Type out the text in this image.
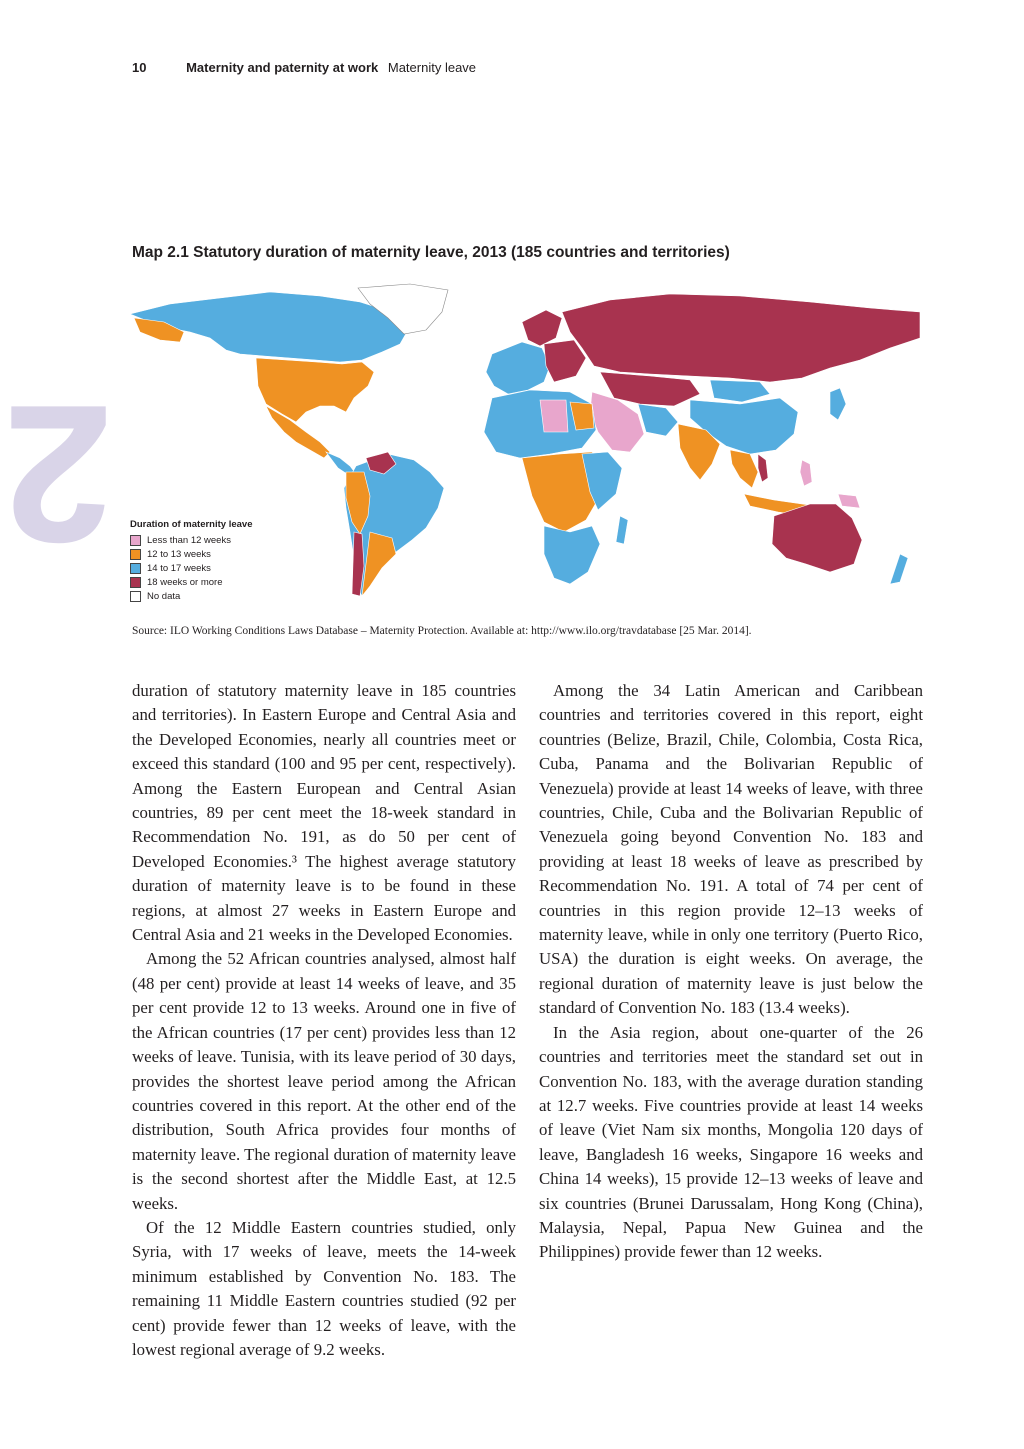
10	Maternity and paternity at work Maternity leave
2
Map 2.1 Statutory duration of maternity leave, 2013 (185 countries and territories)
Duration of maternity leave
Less than 12 weeks
12 to 13 weeks
14 to 17 weeks
18 weeks or more
No data
Source: ILO Working Conditions Laws Database – Maternity Protection. Available at: http://www.ilo.org/travdatabase [25 Mar. 2014].

duration of statutory maternity leave in 185 countries and territories). In Eastern Europe and Central Asia and the Developed Economies, nearly all countries meet or exceed this standard (100 and 95 per cent, respectively). Among the Eastern European and Central Asian countries, 89 per cent meet the 18-week standard in Recommendation No. 191, as do 50 per cent of Developed Economies.³ The highest average statutory duration of maternity leave is to be found in these regions, at almost 27 weeks in Eastern Europe and Central Asia and 21 weeks in the Developed Economies.

Among the 52 African countries analysed, almost half (48 per cent) provide at least 14 weeks of leave, and 35 per cent provide 12 to 13 weeks. Around one in five of the African countries (17 per cent) provides less than 12 weeks of leave. Tunisia, with its leave period of 30 days, provides the shortest leave period among the African countries covered in this report. At the other end of the distribution, South Africa provides four months of maternity leave. The regional duration of maternity leave is the second shortest after the Middle East, at 12.5 weeks.

Of the 12 Middle Eastern countries studied, only Syria, with 17 weeks of leave, meets the 14-week minimum established by Convention No. 183. The remaining 11 Middle Eastern countries studied (92 per cent) provide fewer than 12 weeks of leave, with the lowest regional average of 9.2 weeks.

Among the 34 Latin American and Caribbean countries and territories covered in this report, eight countries (Belize, Brazil, Chile, Colombia, Costa Rica, Cuba, Panama and the Bolivarian Republic of Venezuela) provide at least 14 weeks of leave, with three countries, Chile, Cuba and the Bolivarian Republic of Venezuela going beyond Convention No. 183 and providing at least 18 weeks of leave as prescribed by Recommendation No. 191. A total of 74 per cent of countries in this region provide 12–13 weeks of maternity leave, while in only one territory (Puerto Rico, USA) the duration is eight weeks. On average, the regional duration of maternity leave is just below the standard of Convention No. 183 (13.4 weeks).

In the Asia region, about one-quarter of the 26 countries and territories meet the standard set out in Convention No. 183, with the average duration standing at 12.7 weeks. Five countries provide at least 14 weeks of leave (Viet Nam six months, Mongolia 120 days of leave, Bangladesh 16 weeks, Singapore 16 weeks and China 14 weeks), 15 provide 12–13 weeks of leave and six countries (Brunei Darussalam, Hong Kong (China), Malaysia, Nepal, Papua New Guinea and the Philippines) provide fewer than 12 weeks.
